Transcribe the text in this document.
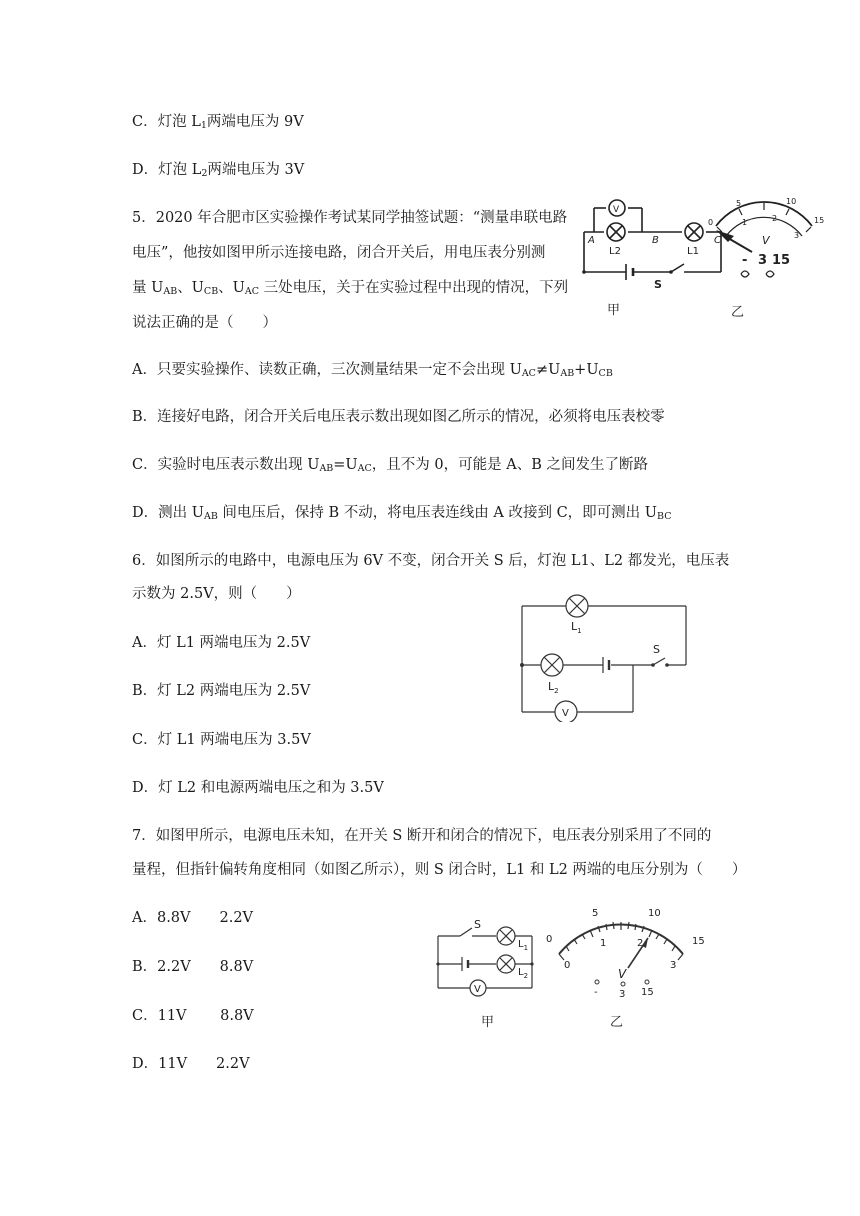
C．灯泡 $L_1$两端电压为 9V
D．灯泡 $L_2$两端电压为 3V
5．2020 年合肥市区实验操作考试某同学抽签试题：“测量串联电路
电压”，他按如图甲所示连接电路，闭合开关后，用电压表分别测
量 $U_{AB}$、$U_{CB}$、$U_{AC}$ 三处电压，关于在实验过程中出现的情况，下列
说法正确的是（　　）
A．只要实验操作、读数正确，三次测量结果一定不会出现 $U_{AC}\ne U_{AB}+U_{CB}$
B．连接好电路，闭合开关后电压表示数出现如图乙所示的情况，必须将电压表校零
C．实验时电压表示数出现 $U_{AB}=U_{AC}$，且不为 0，可能是 A、B 之间发生了断路
D．测出 $U_{AB}$ 间电压后，保持 B 不动，将电压表连线由 A 改接到 C，即可测出 $U_{BC}$
V
A	B	C
L2	L1
S
甲
0
5	10
15
1	2
3
V
- 3 15
乙
6．如图所示的电路中，电源电压为 6V 不变，闭合开关 S 后，灯泡 L1、L2 都发光，电压表
示数为 2.5V，则（　　）
A．灯 L1 两端电压为 2.5V
B．灯 L2 两端电压为 2.5V
C．灯 L1 两端电压为 3.5V
D．灯 L2 和电源两端电压之和为 3.5V
$L_1$
$L_2$
S
V
7．如图甲所示，电源电压未知，在开关 S 断开和闭合的情况下，电压表分别采用了不同的
量程，但指针偏转角度相同（如图乙所示），则 S 闭合时，L1 和 L2 两端的电压分别为（　　）
A．8.8V　　2.2V
B．2.2V　　8.8V
C．11V　　 8.8V
D．11V　　2.2V
S
$L_1$
$L_2$
V
甲
0
5	10
15
0
1	2
3
V
- 3 15
乙
